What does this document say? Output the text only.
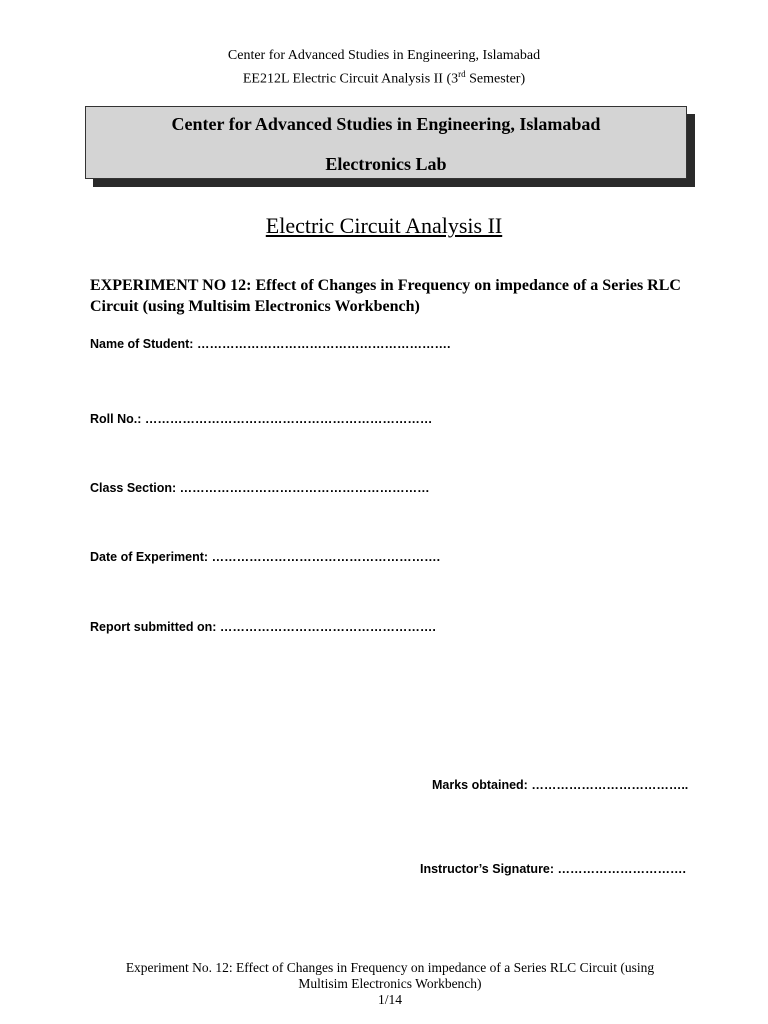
Center for Advanced Studies in Engineering, Islamabad
EE212L Electric Circuit Analysis II (3rd Semester)
Center for Advanced Studies in Engineering, Islamabad
Electronics Lab
Electric Circuit Analysis II
EXPERIMENT NO 12: Effect of Changes in Frequency on impedance of a Series RLC Circuit (using Multisim Electronics Workbench)
Name of Student: …………………………………………………….
Roll No.: ……………………………………………………………
Class Section: ……………………………………………………
Date of Experiment: ……………………………………………….
Report submitted on: …………………………………………….
Marks obtained: ………………………………..
Instructor’s Signature: ………………………….
Experiment No. 12: Effect of Changes in Frequency on impedance of a Series RLC Circuit (using
Multisim Electronics Workbench)
1/14
